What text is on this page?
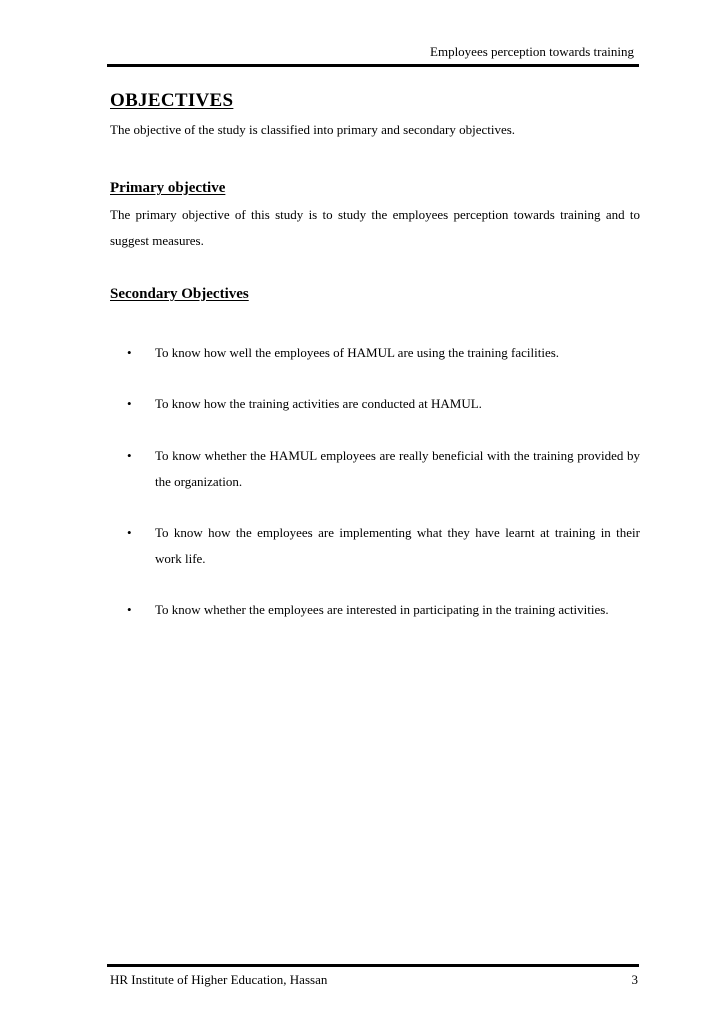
Employees perception towards training
OBJECTIVES

The objective of the study is classified into primary and secondary objectives.

Primary objective

The primary objective of this study is to study the employees perception towards training and to suggest measures.

Secondary Objectives
• To know how well the employees of HAMUL are using the training facilities.
• To know how the training activities are conducted at HAMUL.
• To know whether the HAMUL employees are really beneficial with the training provided by the organization.
• To know how the employees are implementing what they have learnt at training in their work life.
• To know whether the employees are interested in participating in the training activities.
HR Institute of Higher Education, Hassan	3
